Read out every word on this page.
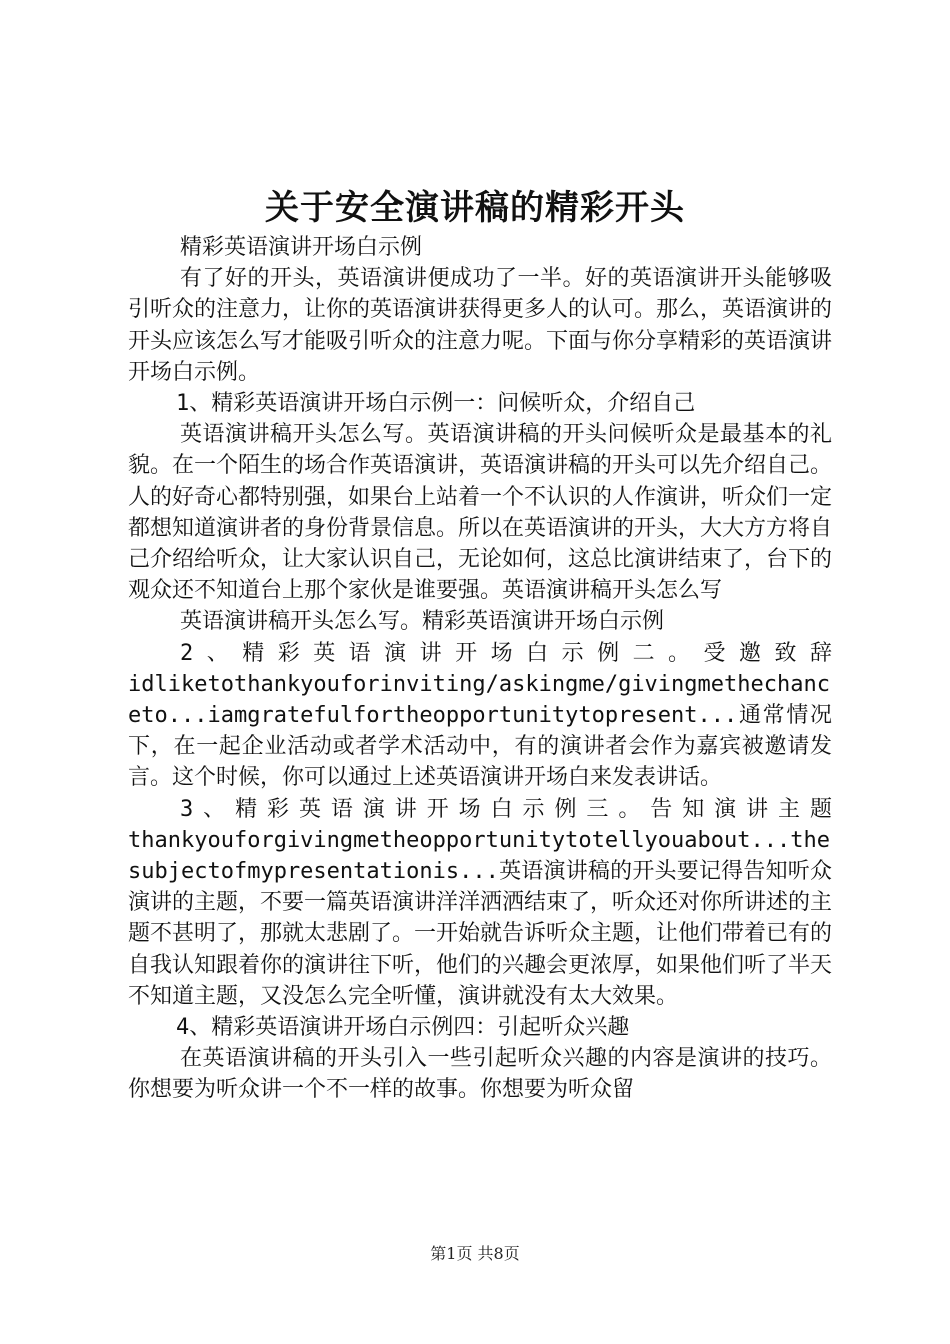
关于安全演讲稿的精彩开头

精彩英语演讲开场白示例

有了好的开头，英语演讲便成功了一半。好的英语演讲开头能够吸引听众的注意力，让你的英语演讲获得更多人的认可。那么，英语演讲的开头应该怎么写才能吸引听众的注意力呢。下面与你分享精彩的英语演讲开场白示例。

1、精彩英语演讲开场白示例一：问候听众，介绍自己

英语演讲稿开头怎么写。英语演讲稿的开头问候听众是最基本的礼貌。在一个陌生的场合作英语演讲，英语演讲稿的开头可以先介绍自己。人的好奇心都特别强，如果台上站着一个不认识的人作演讲，听众们一定都想知道演讲者的身份背景信息。所以在英语演讲的开头，大大方方将自己介绍给听众，让大家认识自己，无论如何，这总比演讲结束了，台下的观众还不知道台上那个家伙是谁要强。英语演讲稿开头怎么写

英语演讲稿开头怎么写。精彩英语演讲开场白示例

2、精彩英语演讲开场白示例二。受邀致辞

idliketothankyouforinviting/askingme/givingmethechanceto...iamgratefulfortheopportunitytopresent...通常情况下，在一起企业活动或者学术活动中，有的演讲者会作为嘉宾被邀请发言。这个时候，你可以通过上述英语演讲开场白来发表讲话。

3、精彩英语演讲开场白示例三。告知演讲主题

thankyouforgivingmetheopportunitytotellyouabout...thesubjectofmypresentationis...英语演讲稿的开头要记得告知听众演讲的主题，不要一篇英语演讲洋洋洒洒结束了，听众还对你所讲述的主题不甚明了，那就太悲剧了。一开始就告诉听众主题，让他们带着已有的自我认知跟着你的演讲往下听，他们的兴趣会更浓厚，如果他们听了半天不知道主题，又没怎么完全听懂，演讲就没有太大效果。

4、精彩英语演讲开场白示例四：引起听众兴趣

在英语演讲稿的开头引入一些引起听众兴趣的内容是演讲的技巧。你想要为听众讲一个不一样的故事。你想要为听众留

第1页 共8页
